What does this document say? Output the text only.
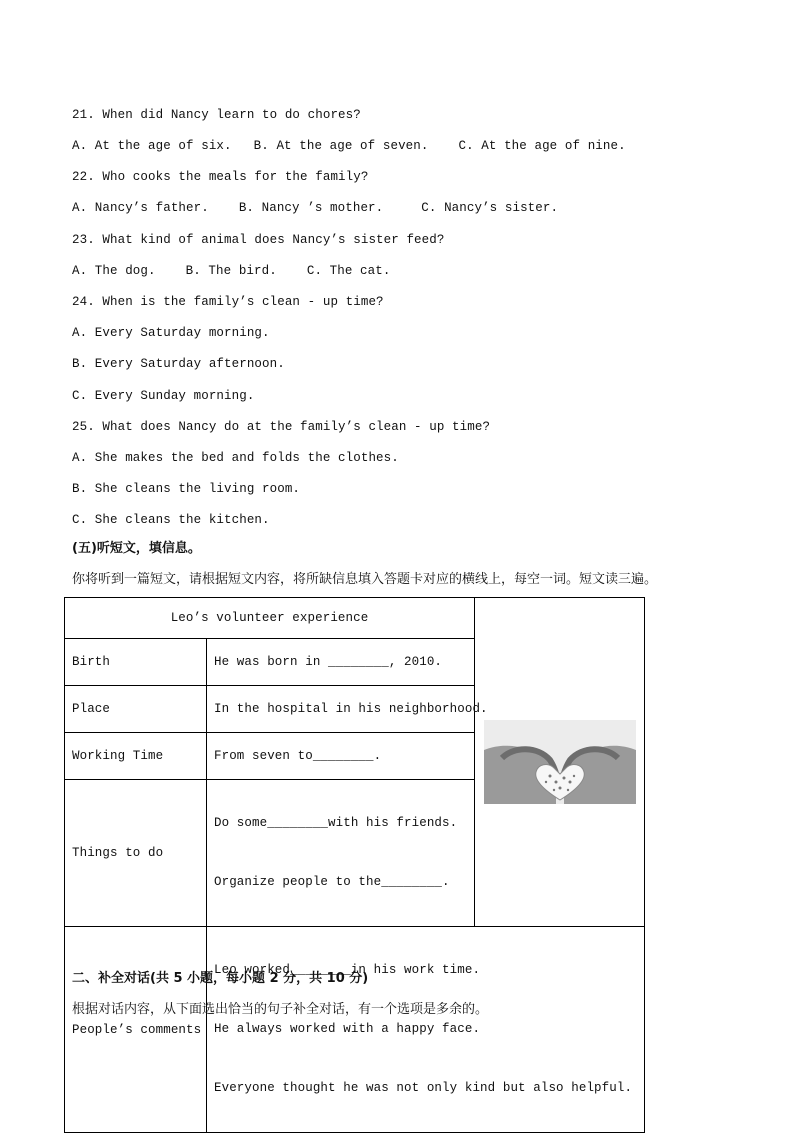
21. When did Nancy learn to do chores?
A. At the age of six. B. At the age of seven. C. At the age of nine.
22. Who cooks the meals for the family?
A. Nancy’s father. B. Nancy ’s mother.	C. Nancy’s sister.
23. What kind of animal does Nancy’s sister feed?
A. The dog. B. The bird. C. The cat.
24. When is the family’s clean - up time?
A. Every Saturday morning.
B. Every Saturday afternoon.
C. Every Sunday morning.
25. What does Nancy do at the family’s clean - up time?
A. She makes the bed and folds the clothes.
B. She cleans the living room.
C. She cleans the kitchen.
(五)听短文，填信息。
你将听到一篇短文，请根据短文内容，将所缺信息填入答题卡对应的横线上，每空一词。短文读三遍。
Leo’s volunteer experience	

Birth	He was born in ________, 2010.	
Place	In the hospital in his neighborhood.	
Working Time	From seven to________.	
Things to do	Do some________with his friends.

Organize people to the________.	

People’s comments	Leo worked________in his work time.

He always worked with a happy face.

Everyone thought he was not only kind but also helpful.	

二、补全对话(共 5 小题，每小题 2 分，共 10 分)
根据对话内容，从下面选出恰当的句子补全对话，有一个选项是多余的。
